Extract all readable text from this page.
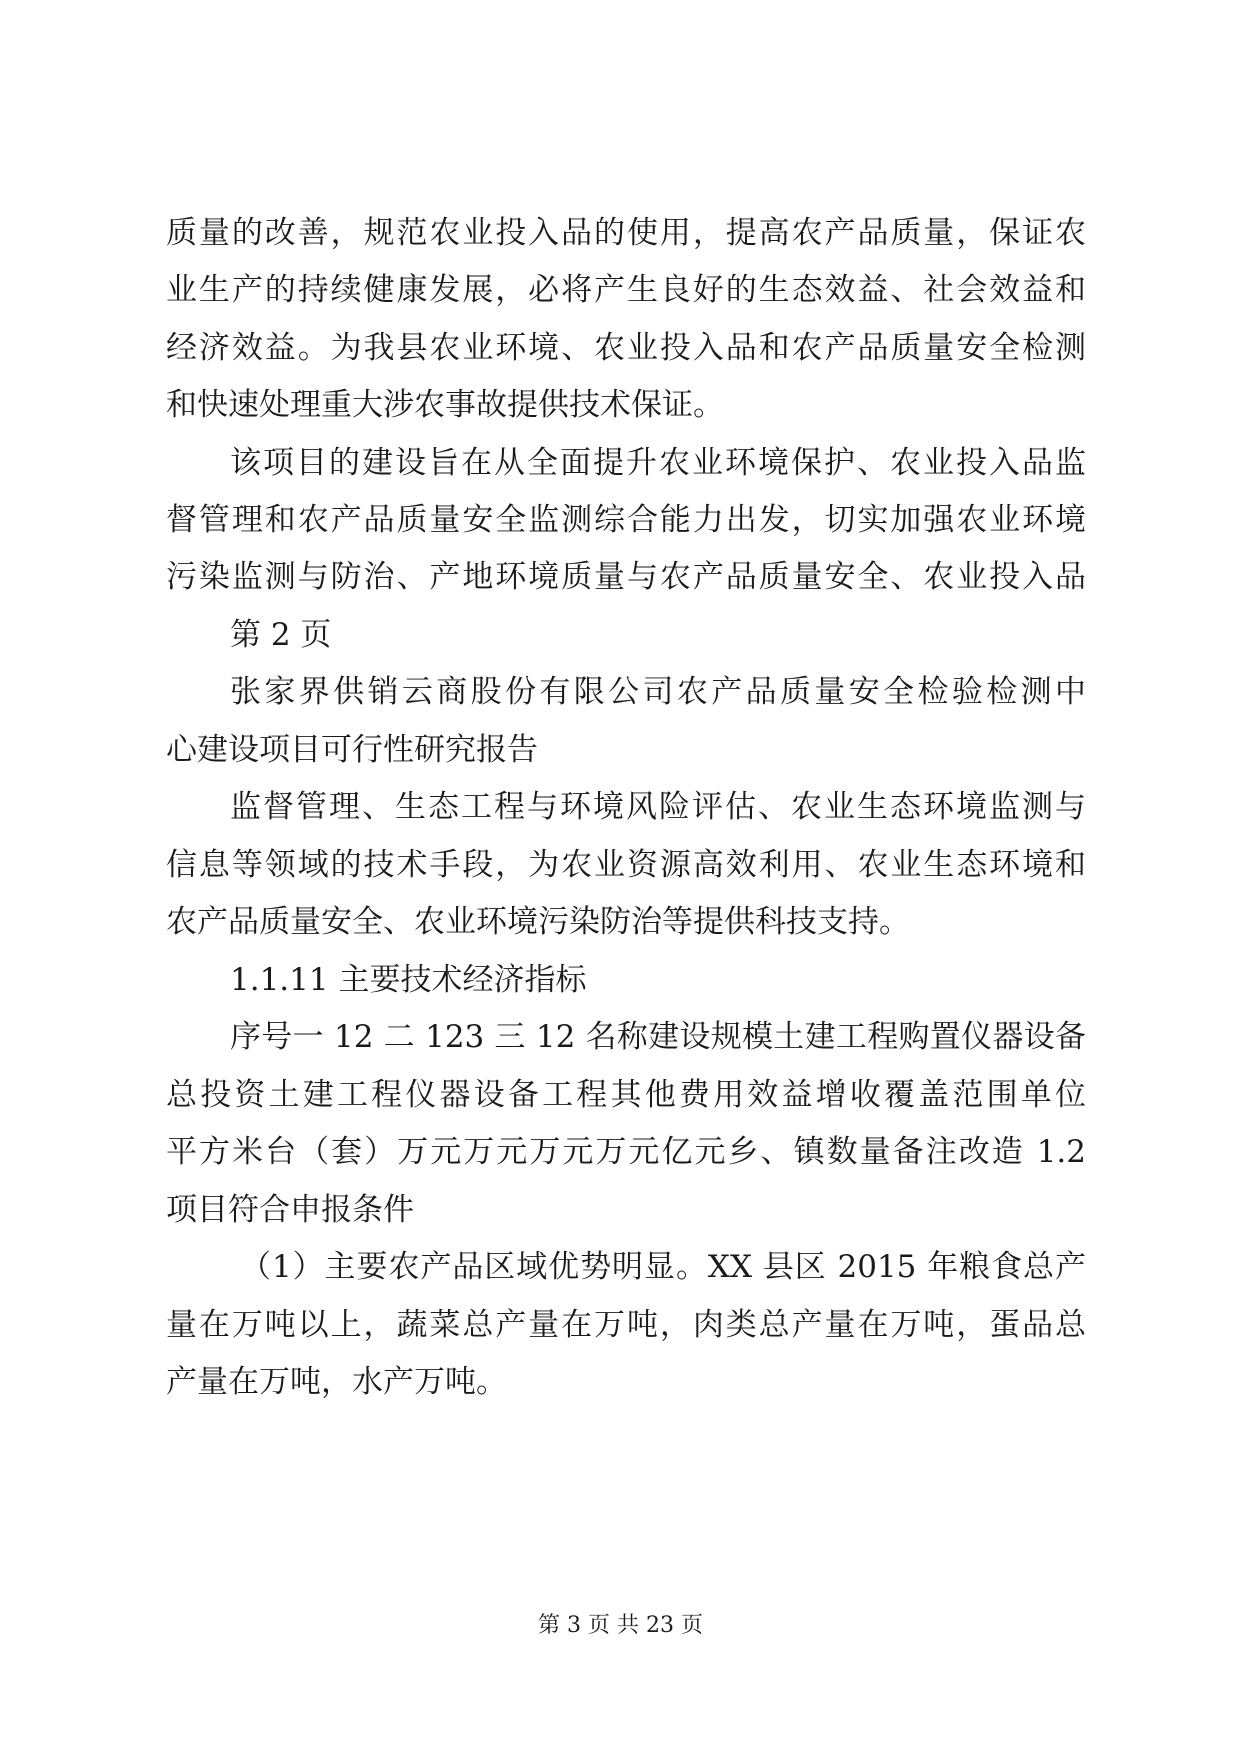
质量的改善，规范农业投入品的使用，提高农产品质量，保证农
业生产的持续健康发展，必将产生良好的生态效益、社会效益和
经济效益。为我县农业环境、农业投入品和农产品质量安全检测
和快速处理重大涉农事故提供技术保证。
该项目的建设旨在从全面提升农业环境保护、农业投入品监
督管理和农产品质量安全监测综合能力出发，切实加强农业环境
污染监测与防治、产地环境质量与农产品质量安全、农业投入品
第 2 页
张家界供销云商股份有限公司农产品质量安全检验检测中
心建设项目可行性研究报告
监督管理、生态工程与环境风险评估、农业生态环境监测与
信息等领域的技术手段，为农业资源高效利用、农业生态环境和
农产品质量安全、农业环境污染防治等提供科技支持。
1.1.11 主要技术经济指标
序号一 12 二 123 三 12 名称建设规模土建工程购置仪器设备
总投资土建工程仪器设备工程其他费用效益增收覆盖范围单位
平方米台（套）万元万元万元万元亿元乡、镇数量备注改造 1.2
项目符合申报条件
（1）主要农产品区域优势明显。XX 县区 2015 年粮食总产
量在万吨以上，蔬菜总产量在万吨，肉类总产量在万吨，蛋品总
产量在万吨，水产万吨。
第 3 页 共 23 页
